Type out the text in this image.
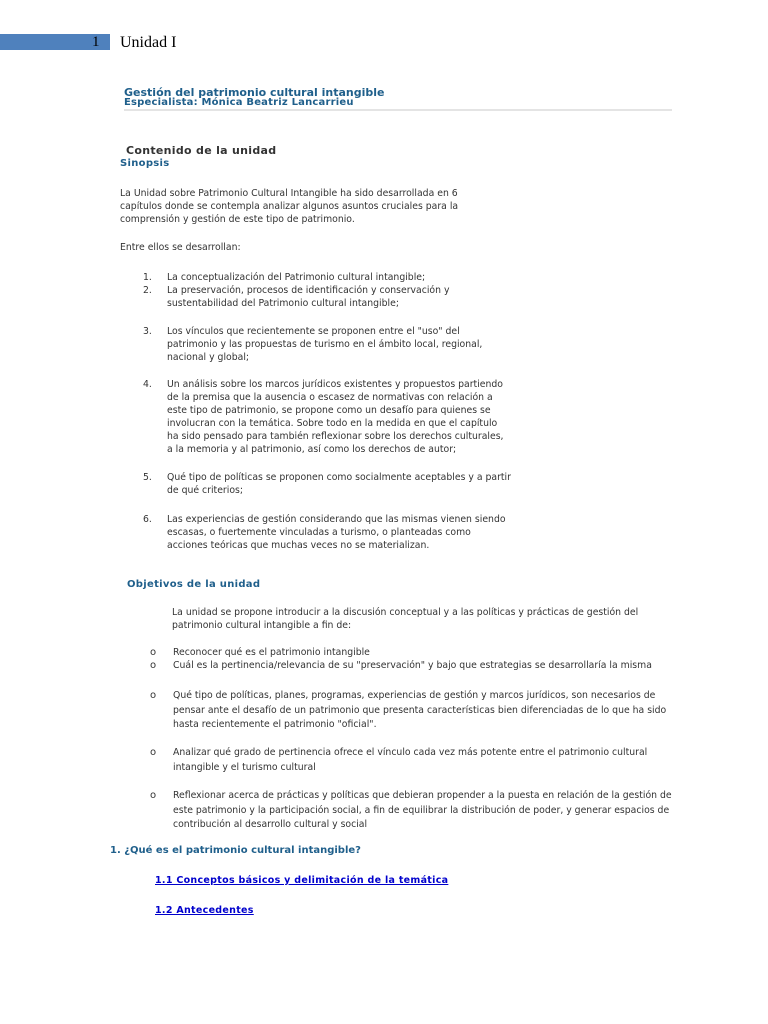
1 Unidad I
Gestión del patrimonio cultural intangible
Especialista: Mónica Beatriz Lancarrieu
Contenido de la unidad
Sinopsis
La Unidad sobre Patrimonio Cultural Intangible ha sido desarrollada en 6
capítulos donde se contempla analizar algunos asuntos cruciales para la
comprensión y gestión de este tipo de patrimonio.
Entre ellos se desarrollan:
1.	La conceptualización del Patrimonio cultural intangible;
2.	La preservación, procesos de identificación y conservación y
sustentabilidad del Patrimonio cultural intangible;
3.	Los vínculos que recientemente se proponen entre el "uso" del
patrimonio y las propuestas de turismo en el ámbito local, regional,
nacional y global;
4.	Un análisis sobre los marcos jurídicos existentes y propuestos partiendo
de la premisa que la ausencia o escasez de normativas con relación a
este tipo de patrimonio, se propone como un desafío para quienes se
involucran con la temática. Sobre todo en la medida en que el capítulo
ha sido pensado para también reflexionar sobre los derechos culturales,
a la memoria y al patrimonio, así como los derechos de autor;
5.	Qué tipo de políticas se proponen como socialmente aceptables y a partir
de qué criterios;
6.	Las experiencias de gestión considerando que las mismas vienen siendo
escasas, o fuertemente vinculadas a turismo, o planteadas como
acciones teóricas que muchas veces no se materializan.
Objetivos de la unidad
La unidad se propone introducir a la discusión conceptual y a las políticas y prácticas de gestión del
patrimonio cultural intangible a fin de:
o Reconocer qué es el patrimonio intangible
o Cuál es la pertinencia/relevancia de su "preservación" y bajo que estrategias se desarrollaría la misma
o Qué tipo de políticas, planes, programas, experiencias de gestión y marcos jurídicos, son necesarios de
pensar ante el desafío de un patrimonio que presenta características bien diferenciadas de lo que ha sido
hasta recientemente el patrimonio "oficial".
o Analizar qué grado de pertinencia ofrece el vínculo cada vez más potente entre el patrimonio cultural
intangible y el turismo cultural
o Reflexionar acerca de prácticas y políticas que debieran propender a la puesta en relación de la gestión de
este patrimonio y la participación social, a fin de equilibrar la distribución de poder, y generar espacios de
contribución al desarrollo cultural y social
1. ¿Qué es el patrimonio cultural intangible?
1.1 Conceptos básicos y delimitación de la temática
1.2 Antecedentes
